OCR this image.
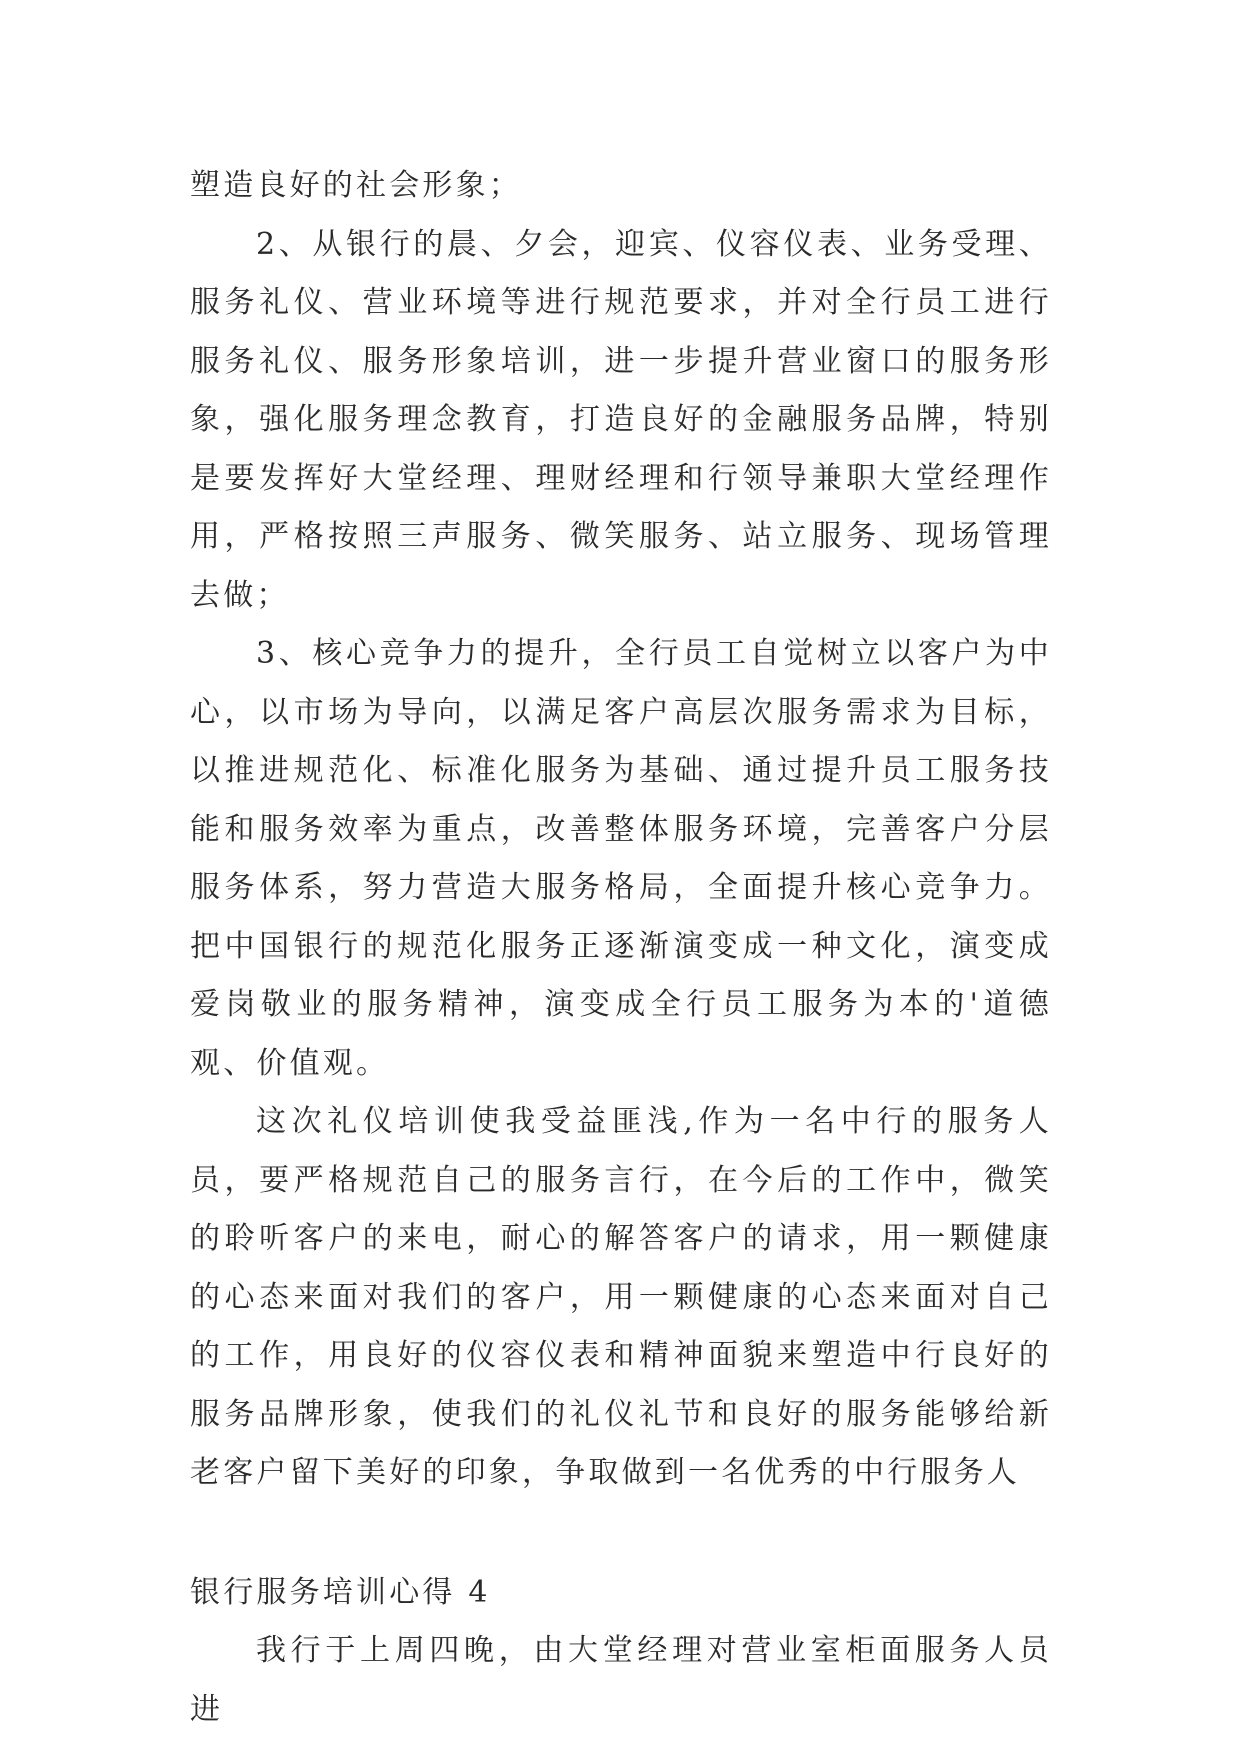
塑造良好的社会形象；

2、从银行的晨、夕会，迎宾、仪容仪表、业务受理、服务礼仪、营业环境等进行规范要求，并对全行员工进行服务礼仪、服务形象培训，进一步提升营业窗口的服务形象，强化服务理念教育，打造良好的金融服务品牌，特别是要发挥好大堂经理、理财经理和行领导兼职大堂经理作用，严格按照三声服务、微笑服务、站立服务、现场管理去做；

3、核心竞争力的提升，全行员工自觉树立以客户为中心，以市场为导向，以满足客户高层次服务需求为目标，以推进规范化、标准化服务为基础、通过提升员工服务技能和服务效率为重点，改善整体服务环境，完善客户分层服务体系，努力营造大服务格局，全面提升核心竞争力。把中国银行的规范化服务正逐渐演变成一种文化，演变成爱岗敬业的服务精神，演变成全行员工服务为本的'道德观、价值观。

这次礼仪培训使我受益匪浅,作为一名中行的服务人员，要严格规范自己的服务言行，在今后的工作中，微笑的聆听客户的来电，耐心的解答客户的请求，用一颗健康的心态来面对我们的客户，用一颗健康的心态来面对自己的工作，用良好的仪容仪表和精神面貌来塑造中行良好的服务品牌形象，使我们的礼仪礼节和良好的服务能够给新老客户留下美好的印象，争取做到一名优秀的中行服务人

银行服务培训心得 4

我行于上周四晚，由大堂经理对营业室柜面服务人员进
